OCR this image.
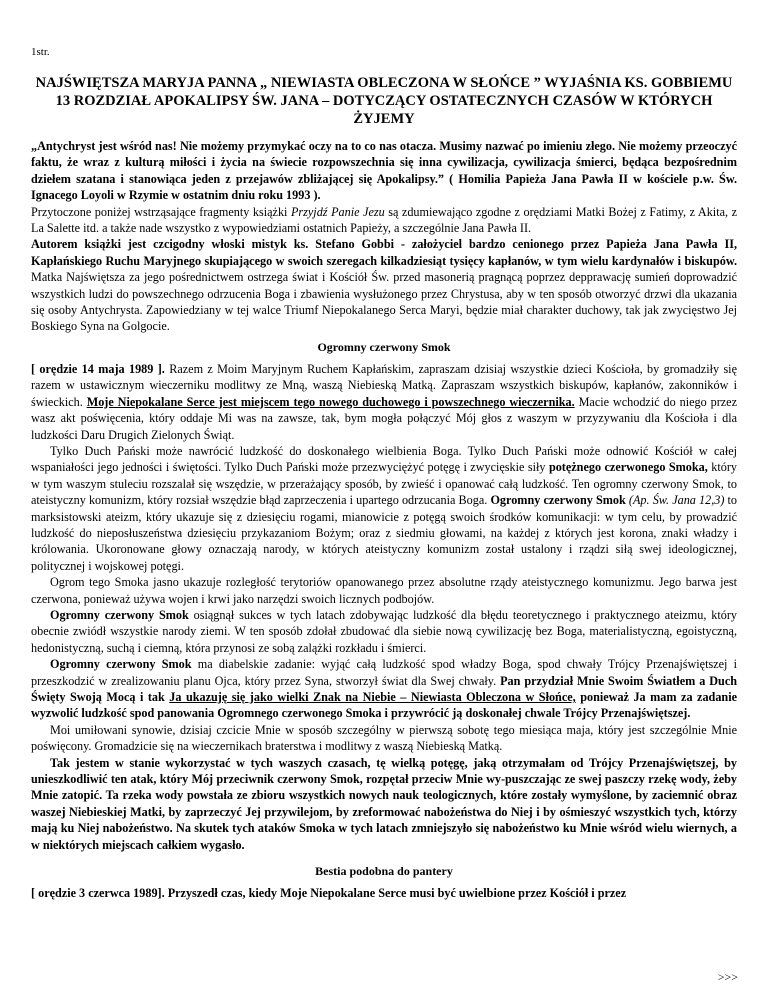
1str.
NAJŚWIĘTSZA MARYJA PANNA „ NIEWIASTA OBLECZONA W SŁOŃCE ” WYJAŚNIA KS. GOBBIEMU 13 ROZDZIAŁ APOKALIPSY ŚW. JANA – DOTYCZĄCY OSTATECZNYCH CZASÓW W KTÓRYCH ŻYJEMY

„Antychryst jest wśród nas! Nie możemy przymykać oczy na to co nas otacza. Musimy nazwać po imieniu złego. Nie możemy przeoczyć faktu, że wraz z kulturą miłości i życia na świecie rozpowszechnia się inna cywilizacja, cywilizacja śmierci, będąca bezpośrednim dziełem szatana i stanowiąca jeden z przejawów zbliżającej się Apokalipsy.” ( Homilia Papieża Jana Pawła II w kościele p.w. Św. Ignacego Loyoli w Rzymie w ostatnim dniu roku 1993 ).

Przytoczone poniżej wstrząsające fragmenty książki Przyjdź Panie Jezu są zdumiewająco zgodne z orędziami Matki Bożej z Fatimy, z Akita, z La Salette itd. a także nade wszystko z wypowiedziami ostatnich Papieży, a szczególnie Jana Pawła II.

Autorem książki jest czcigodny włoski mistyk ks. Stefano Gobbi - założyciel bardzo cenionego przez Papieża Jana Pawła II, Kapłańskiego Ruchu Maryjnego skupiającego w swoich szeregach kilkadziesiąt tysięcy kapłanów, w tym wielu kardynałów i biskupów. Matka Najświętsza za jego pośrednictwem ostrzega świat i Kościół Św. przed masonerią pragnącą poprzez depprawację sumień doprowadzić wszystkich ludzi do powszechnego odrzucenia Boga i zbawienia wysłużonego przez Chrystusa, aby w ten sposób otworzyć drzwi dla ukazania się osoby Antychrysta. Zapowiedziany w tej walce Triumf Niepokalanego Serca Maryi, będzie miał charakter duchowy, tak jak zwycięstwo Jej Boskiego Syna na Golgocie.

Ogromny czerwony Smok

[ orędzie 14 maja 1989 ]. Razem z Moim Maryjnym Ruchem Kapłańskim, zapraszam dzisiaj wszystkie dzieci Kościoła, by gromadziły się razem w ustawicznym wieczerniku modlitwy ze Mną, waszą Niebieską Matką. Zapraszam wszystkich biskupów, kapłanów, zakonników i świeckich. Moje Niepokalane Serce jest miejscem tego nowego duchowego i powszechnego wieczernika. Macie wchodzić do niego przez wasz akt poświęcenia, który oddaje Mi was na zawsze, tak, bym mogła połączyć Mój głos z waszym w przyzywaniu dla Kościoła i dla ludzkości Daru Drugich Zielonych Świąt.

Tylko Duch Pański może nawrócić ludzkość do doskonałego wielbienia Boga. Tylko Duch Pański może odnowić Kościół w całej wspaniałości jego jedności i świętości. Tylko Duch Pański może przezwyciężyć potęgę i zwycięskie siły potężnego czerwonego Smoka, który w tym waszym stuleciu rozszalał się wszędzie, w przerażający sposób, by zwieść i opanować całą ludzkość. Ten ogromny czerwony Smok, to ateistyczny komunizm, który rozsiał wszędzie błąd zaprzeczenia i upartego odrzucania Boga. Ogromny czerwony Smok (Ap. Św. Jana 12,3) to marksistowski ateizm, który ukazuje się z dziesięciu rogami, mianowicie z potęgą swoich środków komunikacji: w tym celu, by prowadzić ludzkość do nieposłuszeństwa dziesięciu przykazaniom Bożym; oraz z siedmiu głowami, na każdej z których jest korona, znaki władzy i królowania. Ukoronowane głowy oznaczają narody, w których ateistyczny komunizm został ustalony i rządzi siłą swej ideologicznej, politycznej i wojskowej potęgi.

Ogrom tego Smoka jasno ukazuje rozległość terytoriów opanowanego przez absolutne rządy ateistycznego komunizmu. Jego barwa jest czerwona, ponieważ używa wojen i krwi jako narzędzi swoich licznych podbojów.

Ogromny czerwony Smok osiągnął sukces w tych latach zdobywając ludzkość dla błędu teoretycznego i praktycznego ateizmu, który obecnie zwiódł wszystkie narody ziemi. W ten sposób zdołał zbudować dla siebie nową cywilizację bez Boga, materialistyczną, egoistyczną, hedonistyczną, suchą i ciemną, która przynosi ze sobą zalążki rozkładu i śmierci.

Ogromny czerwony Smok ma diabelskie zadanie: wyjąć całą ludzkość spod władzy Boga, spod chwały Trójcy Przenajświętszej i przeszkodzić w zrealizowaniu planu Ojca, który przez Syna, stworzył świat dla Swej chwały. Pan przydział Mnie Swoim Światłem a Duch Święty Swoją Mocą i tak Ja ukazuję się jako wielki Znak na Niebie – Niewiasta Obleczona w Słońce, ponieważ Ja mam za zadanie wyzwolić ludzkość spod panowania Ogromnego czerwonego Smoka i przywrócić ją doskonałej chwale Trójcy Przenajświętszej.

Moi umiłowani synowie, dzisiaj czcicie Mnie w sposób szczególny w pierwszą sobotę tego miesiąca maja, który jest szczególnie Mnie poświęcony. Gromadzicie się na wieczernikach braterstwa i modlitwy z waszą Niebieską Matką.

Tak jestem w stanie wykorzystać w tych waszych czasach, tę wielką potęgę, jaką otrzymałam od Trójcy Przenajświętszej, by unieszkodliwić ten atak, który Mój przeciwnik czerwony Smok, rozpętał przeciw Mnie wy-puszczając ze swej paszczy rzekę wody, żeby Mnie zatopić. Ta rzeka wody powstała ze zbioru wszystkich nowych nauk teologicznych, które zostały wymyślone, by zaciemnić obraz waszej Niebieskiej Matki, by zaprzeczyć Jej przywilejom, by zreformować nabożeństwa do Niej i by ośmieszyć wszystkich tych, którzy mają ku Niej nabożeństwo. Na skutek tych ataków Smoka w tych latach zmniejszyło się nabożeństwo ku Mnie wśród wielu wiernych, a w niektórych miejscach całkiem wygasło.

Bestia podobna do pantery

[ orędzie 3 czerwca 1989]. Przyszedł czas, kiedy Moje Niepokalane Serce musi być uwielbione przez Kościół i przez

>>>
